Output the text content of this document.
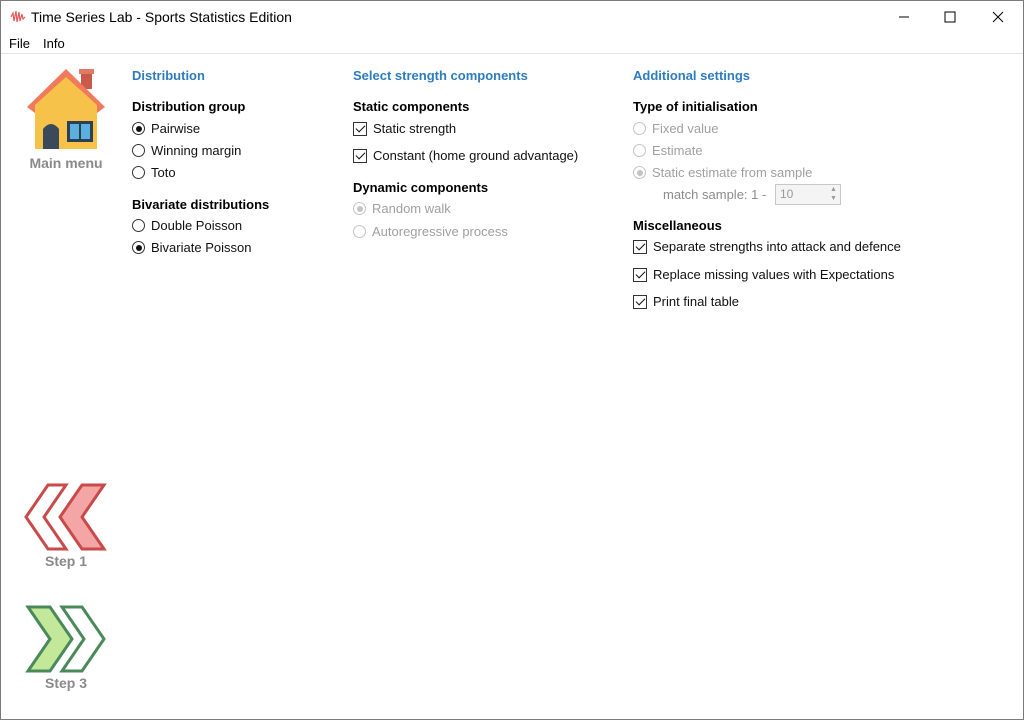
Time Series Lab - Sports Statistics Edition
File Info
Main menu
Step 1
Step 3
Distribution
Distribution group
Pairwise
Winning margin
Toto
Bivariate distributions
Double Poisson
Bivariate Poisson
Select strength components
Static components
Static strength
Constant (home ground advantage)
Dynamic components
Random walk
Autoregressive process
Additional settings
Type of initialisation
Fixed value
Estimate
Static estimate from sample
match sample: 1 - 10	▲
▼
Miscellaneous
Separate strengths into attack and defence
Replace missing values with Expectations
Print final table
